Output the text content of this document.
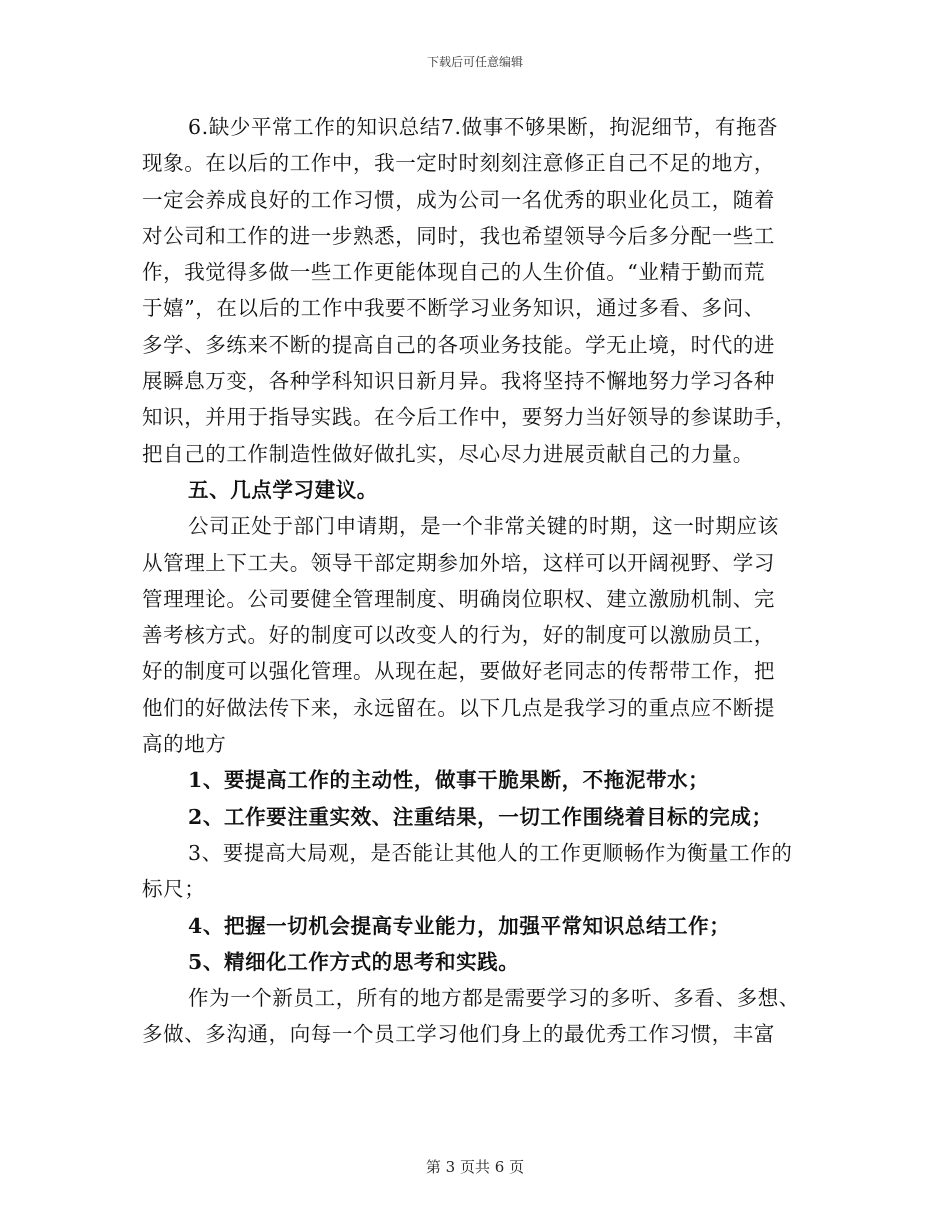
下载后可任意编辑
6.缺少平常工作的知识总结7.做事不够果断，拘泥细节，有拖沓
现象。在以后的工作中，我一定时时刻刻注意修正自己不足的地方，
一定会养成良好的工作习惯，成为公司一名优秀的职业化员工，随着
对公司和工作的进一步熟悉，同时，我也希望领导今后多分配一些工
作，我觉得多做一些工作更能体现自己的人生价值。“业精于勤而荒
于嬉”，在以后的工作中我要不断学习业务知识，通过多看、多问、
多学、多练来不断的提高自己的各项业务技能。学无止境，时代的进
展瞬息万变，各种学科知识日新月异。我将坚持不懈地努力学习各种
知识，并用于指导实践。在今后工作中，要努力当好领导的参谋助手，
把自己的工作制造性做好做扎实，尽心尽力进展贡献自己的力量。
五、几点学习建议。
公司正处于部门申请期，是一个非常关键的时期，这一时期应该
从管理上下工夫。领导干部定期参加外培，这样可以开阔视野、学习
管理理论。公司要健全管理制度、明确岗位职权、建立激励机制、完
善考核方式。好的制度可以改变人的行为，好的制度可以激励员工，
好的制度可以强化管理。从现在起，要做好老同志的传帮带工作，把
他们的好做法传下来，永远留在。以下几点是我学习的重点应不断提
高的地方
1、要提高工作的主动性，做事干脆果断，不拖泥带水；
2、工作要注重实效、注重结果，一切工作围绕着目标的完成；
3、要提高大局观，是否能让其他人的工作更顺畅作为衡量工作的
标尺；
4、把握一切机会提高专业能力，加强平常知识总结工作；
5、精细化工作方式的思考和实践。
作为一个新员工，所有的地方都是需要学习的多听、多看、多想、
多做、多沟通，向每一个员工学习他们身上的最优秀工作习惯，丰富
第 3 页共 6 页
